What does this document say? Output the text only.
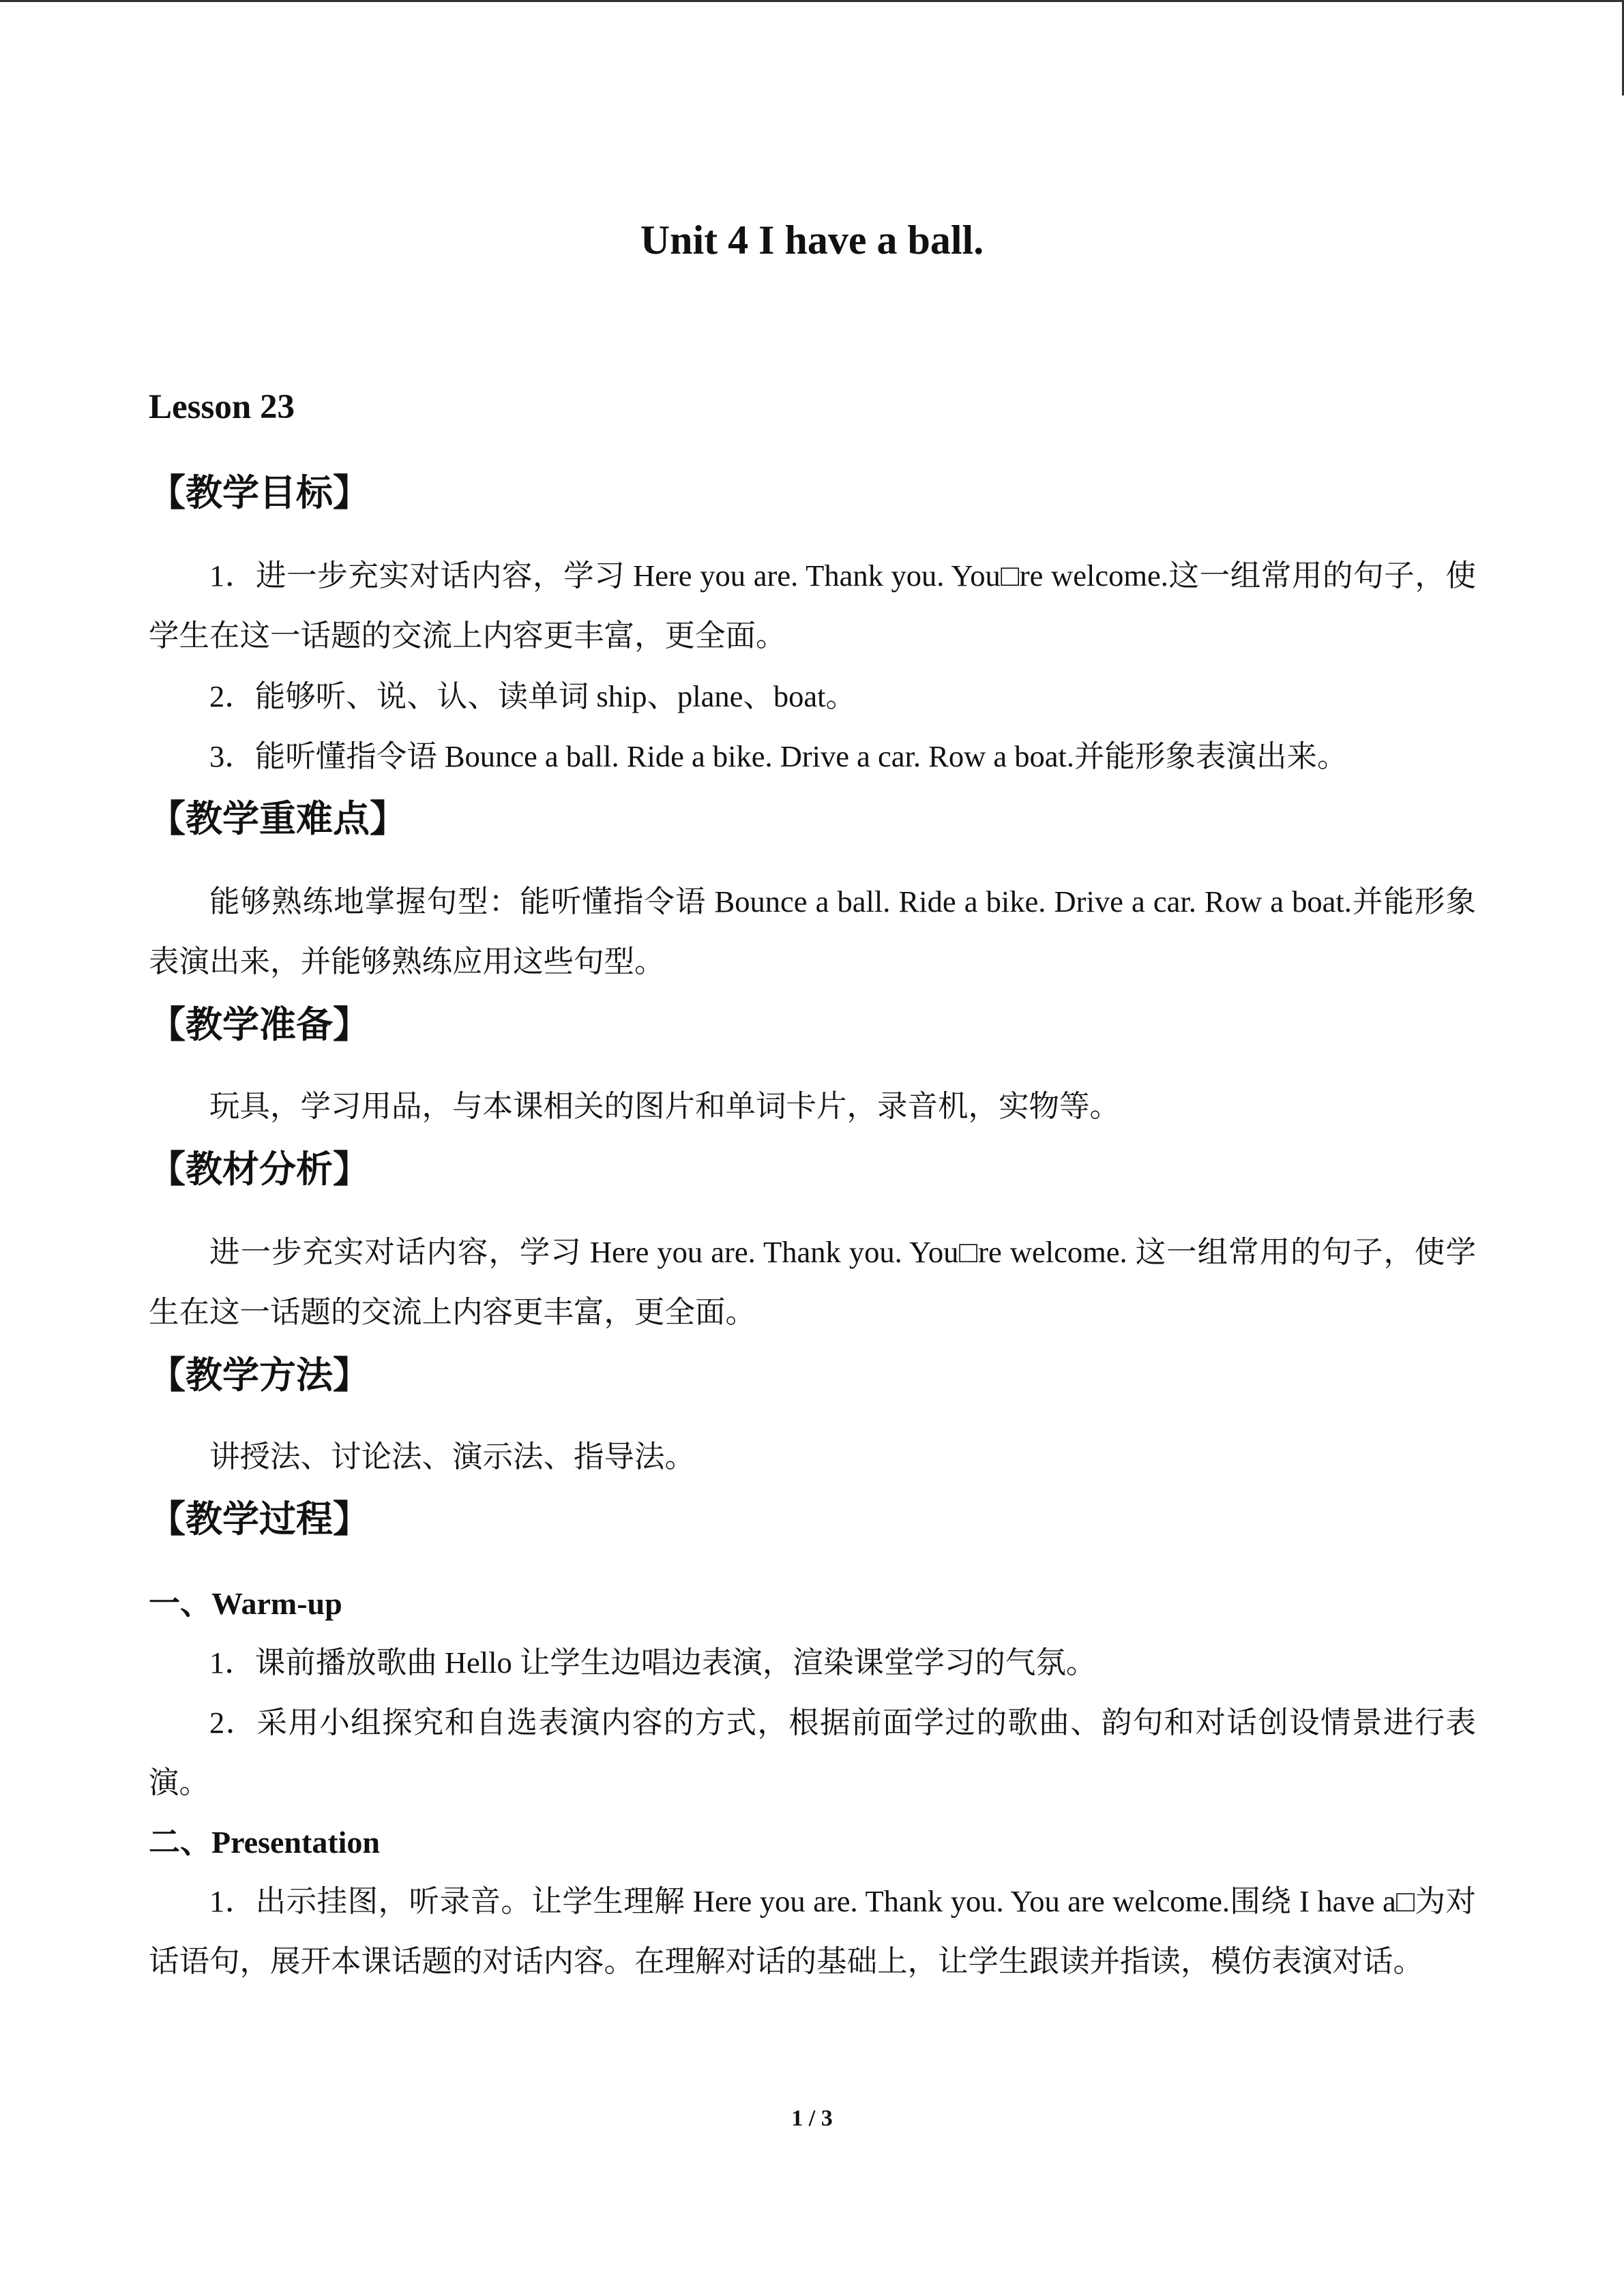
Unit 4 I have a ball.
Lesson 23
【教学目标】
1．进一步充实对话内容，学习 Here you are. Thank you. You□re welcome.这一组常用的句子，使学生在这一话题的交流上内容更丰富，更全面。
2．能够听、说、认、读单词 ship、plane、boat。
3．能听懂指令语 Bounce a ball. Ride a bike. Drive a car. Row a boat.并能形象表演出来。
【教学重难点】
能够熟练地掌握句型：能听懂指令语 Bounce a ball. Ride a bike. Drive a car. Row a boat.并能形象表演出来，并能够熟练应用这些句型。
【教学准备】
玩具，学习用品，与本课相关的图片和单词卡片，录音机，实物等。
【教材分析】
进一步充实对话内容，学习 Here you are. Thank you. You□re welcome. 这一组常用的句子，使学生在这一话题的交流上内容更丰富，更全面。
【教学方法】
讲授法、讨论法、演示法、指导法。
【教学过程】
一、Warm-up
1．课前播放歌曲 Hello 让学生边唱边表演，渲染课堂学习的气氛。
2．采用小组探究和自选表演内容的方式，根据前面学过的歌曲、韵句和对话创设情景进行表演。
二、Presentation
1．出示挂图，听录音。让学生理解 Here you are. Thank you. You are welcome.围绕 I have a□为对话语句，展开本课话题的对话内容。在理解对话的基础上，让学生跟读并指读，模仿表演对话。
1 / 3
